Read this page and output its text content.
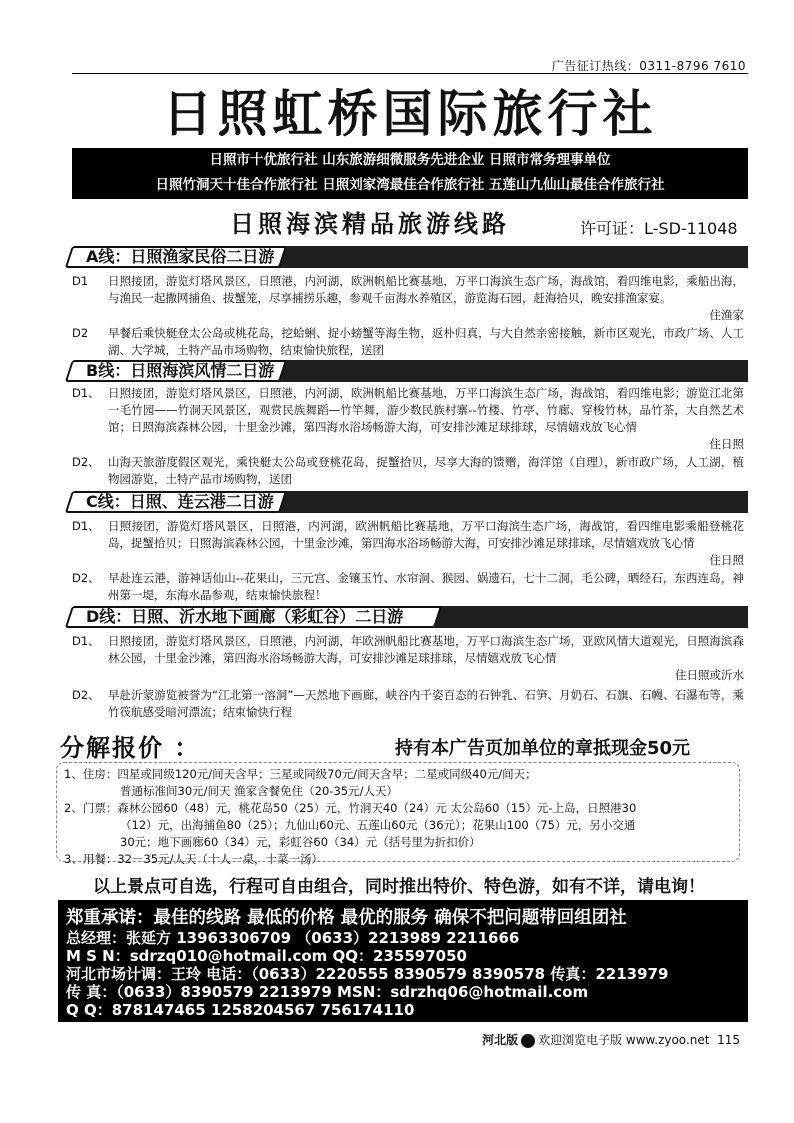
广告征订热线：0311-8796 7610
日照虹桥国际旅行社
日照市十优旅行社 山东旅游细微服务先进企业 日照市常务理事单位
日照竹洞天十佳合作旅行社 日照刘家湾最佳合作旅行社 五莲山九仙山最佳合作旅行社
日照海滨精品旅游线路	许可证：L-SD-11048
A线：日照渔家民俗二日游
D1	日照接团，游览灯塔风景区，日照港，内河湖，欧洲帆船比赛基地，万平口海滨生态广场，海战馆，看四维电影，乘船出海，与渔民一起撒网捕鱼、拔蟹笼，尽享捕捞乐趣，参观千亩海水养殖区，游览海石园，赶海拾贝，晚安排渔家宴。
住渔家
D2	早餐后乘快艇登太公岛或桃花岛，挖蛤蜊、捉小螃蟹等海生物，返朴归真，与大自然亲密接触，新市区观光，市政广场、人工湖、大学城，土特产品市场购物，结束愉快旅程，送团
B线：日照海滨风情二日游
D1、 日照接团，游览灯塔风景区，日照港，内河湖，欧洲帆船比赛基地，万平口海滨生态广场，海战馆，看四维电影；游览江北第一毛竹园——竹洞天风景区，观赏民族舞蹈—竹竿舞，游少数民族村寨--竹楼、竹亭、竹廊、穿梭竹林，品竹茶，大自然艺术馆；日照海滨森林公园，十里金沙滩，第四海水浴场畅游大海，可安排沙滩足球排球，尽情嬉戏放飞心情
住日照
D2、 山海天旅游度假区观光，乘快艇太公岛或登桃花岛，捉蟹拾贝，尽享大海的馈赠，海洋馆（自理），新市政广场，人工湖，植物园游览，土特产品市场购物，送团
C线：日照、连云港二日游
D1、 日照接团，游览灯塔风景区，日照港，内河湖，欧洲帆船比赛基地，万平口海滨生态广场，海战馆，看四维电影乘船登桃花岛，捉蟹拾贝；日照海滨森林公园，十里金沙滩，第四海水浴场畅游大海，可安排沙滩足球排球，尽情嬉戏放飞心情
住日照
D2、 早赴连云港，游神话仙山--花果山，三元宫、金镶玉竹、水帘洞、猴园、娲遗石，七十二洞，毛公碑，晒经石，东西连岛，神州第一堤，东海水晶参观，结束愉快旅程！
D线：日照、沂水地下画廊（彩虹谷）二日游
D1、 日照接团，游览灯塔风景区，日照港，内河湖，年欧洲帆船比赛基地，万平口海滨生态广场，亚欧风情大道观光，日照海滨森林公园，十里金沙滩，第四海水浴场畅游大海，可安排沙滩足球排球，尽情嬉戏放飞心情
住日照或沂水
D2、 早赴沂蒙游览被誉为“江北第一溶洞”—天然地下画廊，峡谷内千姿百态的石钟乳、石笋、月奶石、石旗、石幔、石瀑布等，乘竹筏航感受暗河漂流；结束愉快行程
分解报价 ：	持有本广告页加单位的章抵现金50元
1、住房：四星或同级120元/间天含早；三星或同级70元/间天含早；二星或同级40元/间天；
普通标准间30元/间天 渔家含餐免住（20-35元/人天）
2、门票：森林公园60（48）元，桃花岛50（25）元，竹洞天40（24）元 太公岛60（15）元-上岛，日照港30
（12）元，出海捕鱼80（25）；九仙山60元、五莲山60元（36元）；花果山100（75）元，另小交通
30元；地下画廊60（34）元，彩虹谷60（34）元（括号里为折扣价）
3、用餐：32－35元/人天（十人一桌，十菜一汤）
以上景点可自选，行程可自由组合，同时推出特价、特色游，如有不详，请电询！
郑重承诺：最佳的线路 最低的价格 最优的服务 确保不把问题带回组团社
总经理：张延方 13963306709 （0633）2213989 2211666
M S N：sdrzq010@hotmail.com QQ：235597050
河北市场计调：王玲 电话：（0633）2220555 8390579 8390578 传真：2213979
传 真：（0633）8390579 2213979 MSN：sdrzhq06@hotmail.com
Q Q：878147465 1258204567 756174110
河北版 欢迎浏览电子版 www.zyoo.net 115
